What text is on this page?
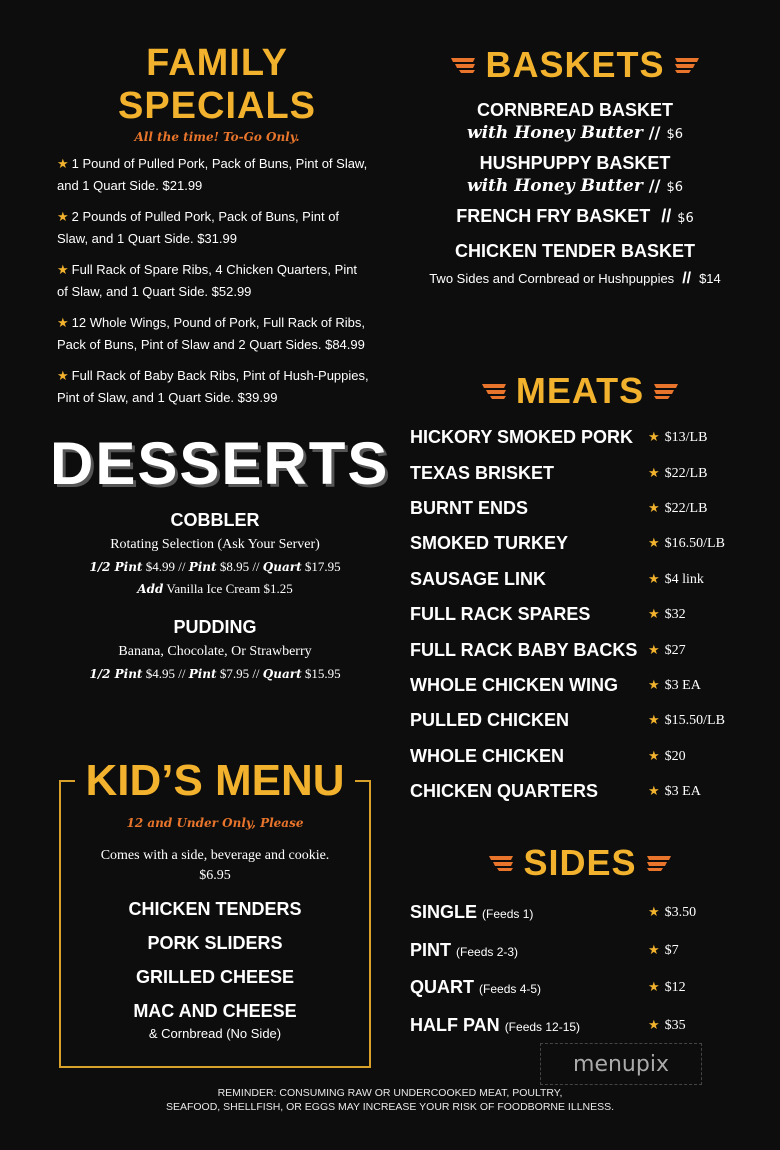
FAMILY SPECIALS
All the time! To-Go Only.
★ 1 Pound of Pulled Pork, Pack of Buns, Pint of Slaw,
and 1 Quart Side. $21.99
★ 2 Pounds of Pulled Pork, Pack of Buns, Pint of
Slaw, and 1 Quart Side. $31.99
★ Full Rack of Spare Ribs, 4 Chicken Quarters, Pint
of Slaw, and 1 Quart Side. $52.99
★ 12 Whole Wings, Pound of Pork, Full Rack of Ribs,
Pack of Buns, Pint of Slaw and 2 Quart Sides. $84.99
★ Full Rack of Baby Back Ribs, Pint of Hush-Puppies,
Pint of Slaw, and 1 Quart Side. $39.99
DESSERTS
COBBLER
Rotating Selection (Ask Your Server)
1/2 Pint $4.99 // Pint $8.95 // Quart $17.95
Add Vanilla Ice Cream $1.25
PUDDING
Banana, Chocolate, Or Strawberry
1/2 Pint $4.95 // Pint $7.95 // Quart $15.95
KID’S MENU
12 and Under Only, Please
Comes with a side, beverage and cookie.
$6.95
CHICKEN TENDERS
PORK SLIDERS
GRILLED CHEESE
MAC AND CHEESE
& Cornbread (No Side)
BASKETS
CORNBREAD BASKET
with Honey Butter // $6
HUSHPUPPY BASKET
with Honey Butter // $6
FRENCH FRY BASKET // $6
CHICKEN TENDER BASKET
Two Sides and Cornbread or Hushpuppies // $14
MEATS
HICKORY SMOKED PORK	★ $13/LB
TEXAS BRISKET	★ $22/LB
BURNT ENDS	★ $22/LB
SMOKED TURKEY	★ $16.50/LB
SAUSAGE LINK	★ $4 link
FULL RACK SPARES	★ $32
FULL RACK BABY BACKS ★ $27
WHOLE CHICKEN WING	★ $3 EA
PULLED CHICKEN	★ $15.50/LB
WHOLE CHICKEN	★ $20
CHICKEN QUARTERS	★ $3 EA
SIDES
SINGLE (Feeds 1)	★ $3.50
PINT (Feeds 2-3)	★ $7
QUART (Feeds 4-5)	★ $12
HALF PAN (Feeds 12-15)	★ $35
menupix
REMINDER: CONSUMING RAW OR UNDERCOOKED MEAT, POULTRY,
SEAFOOD, SHELLFISH, OR EGGS MAY INCREASE YOUR RISK OF FOODBORNE ILLNESS.
